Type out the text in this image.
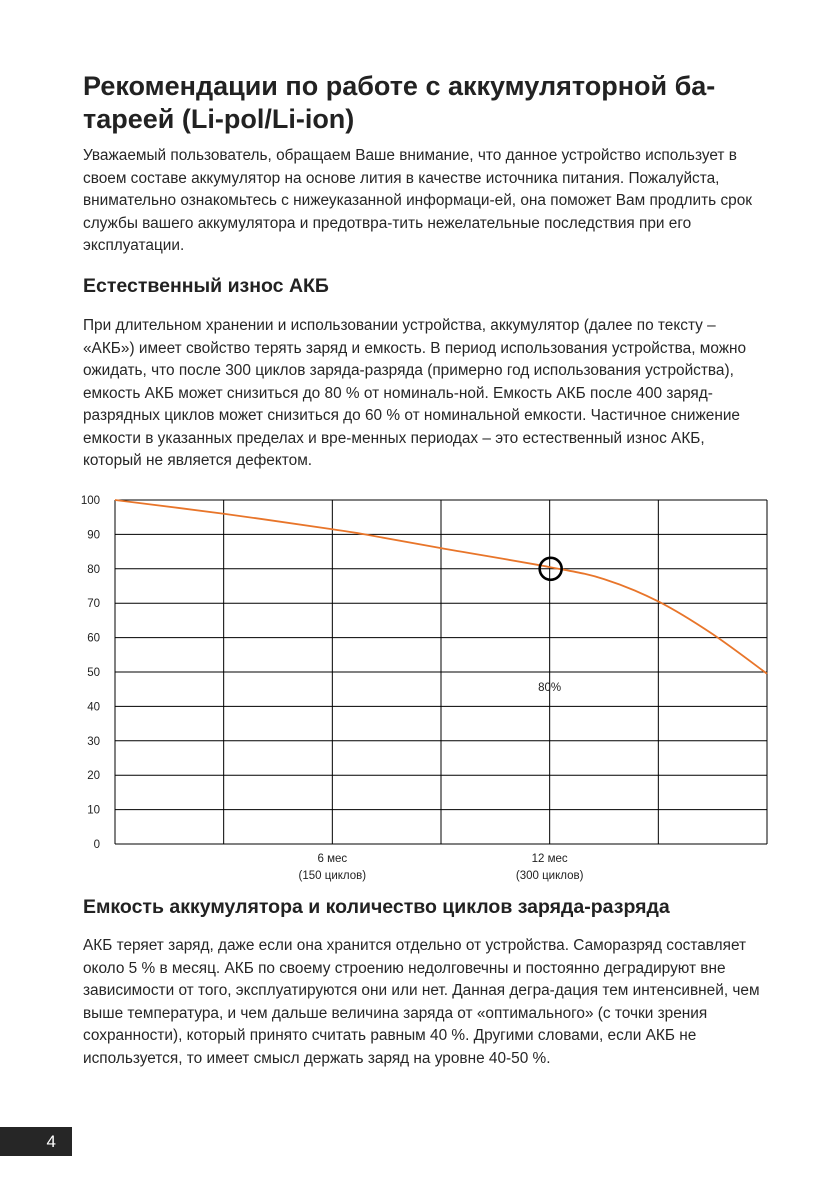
Рекомендации по работе с аккумуляторной ба-
тареей (Li-pol/Li-ion)

Уважаемый пользователь, обращаем Ваше внимание, что данное устройство использует в своем составе аккумулятор на основе лития в качестве источника питания. Пожалуйста, внимательно ознакомьтесь с нижеуказанной информаци-ей, она поможет Вам продлить срок службы вашего аккумулятора и предотвра-тить нежелательные последствия при его эксплуатации.

Естественный износ АКБ

При длительном хранении и использовании устройства, аккумулятор (далее по тексту – «АКБ») имеет свойство терять заряд и емкость. В период использования устройства, можно ожидать, что после 300 циклов заряда-разряда (примерно год использования устройства), емкость АКБ может снизиться до 80 % от номиналь-ной. Емкость АКБ после 400 заряд-разрядных циклов может снизиться до 60 % от номинальной емкости. Частичное снижение емкости в указанных пределах и вре-менных периодах – это естественный износ АКБ, который не является дефектом.

100
90
80
70
60
50
40
30
20
10
0
6 мес
(150 циклов)
12 мес
(300 циклов)
80%
Емкость аккумулятора и количество циклов заряда-разряда

АКБ теряет заряд, даже если она хранится отдельно от устройства. Саморазряд составляет около 5 % в месяц. АКБ по своему строению недолговечны и постоянно деградируют вне зависимости от того, эксплуатируются они или нет. Данная дегра-дация тем интенсивней, чем выше температура, и чем дальше величина заряда от «оптимального» (с точки зрения сохранности), который принято считать равным 40 %. Другими словами, если АКБ не используется, то имеет смысл держать заряд на уровне 40-50 %.

4
